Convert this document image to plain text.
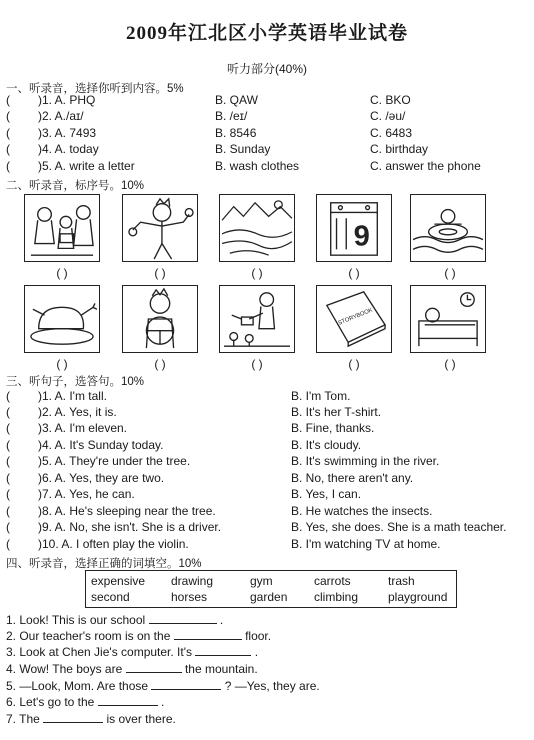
2009年江北区小学英语毕业试卷
听力部分(40%)
一、听录音，选择你听到内容。5%
( )1. A. PHQ	B. QAW	C. BKO
( )2. A./aɪ/	B. /eɪ/	C. /əu/
( )3. A. 7493	B. 8546	C. 6483
( )4. A. today	B. Sunday	C. birthday
( )5. A. write a letter	B. wash clothes	C. answer the phone
二、听录音，标序号。10%
9
( )	( )	( )	( )	( )
STORYBOOK
( )	( )	( )	( )	( )
三、听句子，选答句。10%
( )1. A. I'm tall.	B. I'm Tom.
( )2. A. Yes, it is.	B. It's her T-shirt.
( )3. A. I'm eleven.	B. Fine, thanks.
( )4. A. It's Sunday today.	B. It's cloudy.
( )5. A. They're under the tree.	B. It's swimming in the river.
( )6. A. Yes, they are two.	B. No, there aren't any.
( )7. A. Yes, he can.	B. Yes, I can.
( )8. A. He's sleeping near the tree.	B. He watches the insects.
( )9. A. No, she isn't. She is a driver.	B. Yes, she does. She is a math teacher.
( )10. A. I often play the violin.	B. I'm watching TV at home.
四、听录音，选择正确的词填空。10%
expensive drawing	gym	carrots	trash
second	horses	garden climbing playground
1. Look! This is our school	.
2. Our teacher's room is on the	floor.
3. Look at Chen Jie's computer. It's	.
4. Wow! The boys are	the mountain.
5. —Look, Mom. Are those	? —Yes, they are.
6. Let's go to the	.
7. The	is over there.
